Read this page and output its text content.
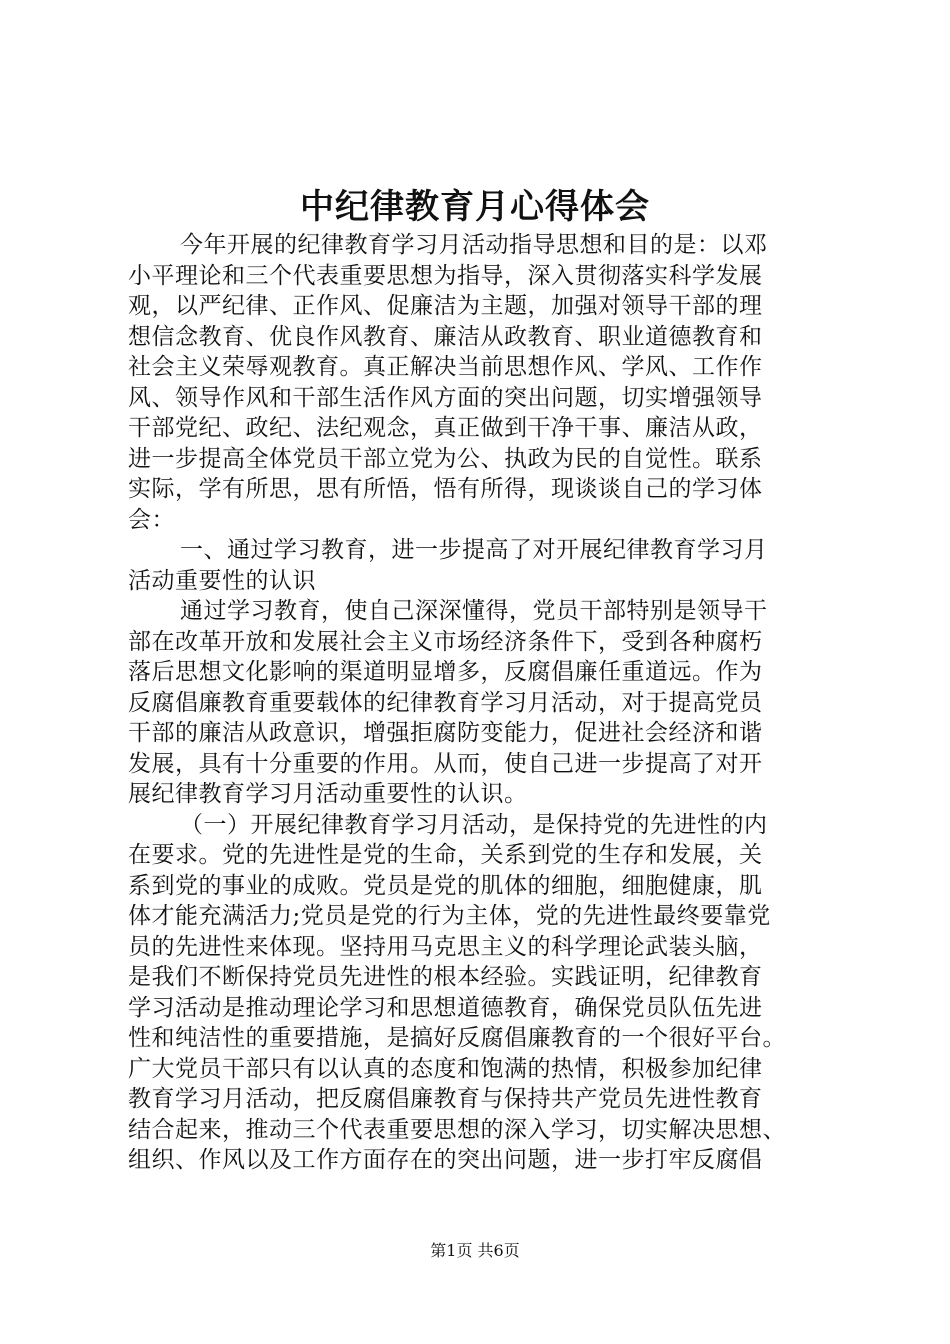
中纪律教育月心得体会
今年开展的纪律教育学习月活动指导思想和目的是：以邓
小平理论和三个代表重要思想为指导，深入贯彻落实科学发展
观，以严纪律、正作风、促廉洁为主题，加强对领导干部的理
想信念教育、优良作风教育、廉洁从政教育、职业道德教育和
社会主义荣辱观教育。真正解决当前思想作风、学风、工作作
风、领导作风和干部生活作风方面的突出问题，切实增强领导
干部党纪、政纪、法纪观念，真正做到干净干事、廉洁从政，
进一步提高全体党员干部立党为公、执政为民的自觉性。联系
实际，学有所思，思有所悟，悟有所得，现谈谈自己的学习体
会：
一、通过学习教育，进一步提高了对开展纪律教育学习月
活动重要性的认识
通过学习教育，使自己深深懂得，党员干部特别是领导干
部在改革开放和发展社会主义市场经济条件下，受到各种腐朽
落后思想文化影响的渠道明显增多，反腐倡廉任重道远。作为
反腐倡廉教育重要载体的纪律教育学习月活动，对于提高党员
干部的廉洁从政意识，增强拒腐防变能力，促进社会经济和谐
发展，具有十分重要的作用。从而，使自己进一步提高了对开
展纪律教育学习月活动重要性的认识。
（一）开展纪律教育学习月活动，是保持党的先进性的内
在要求。党的先进性是党的生命，关系到党的生存和发展，关
系到党的事业的成败。党员是党的肌体的细胞，细胞健康，肌
体才能充满活力;党员是党的行为主体，党的先进性最终要靠党
员的先进性来体现。坚持用马克思主义的科学理论武装头脑，
是我们不断保持党员先进性的根本经验。实践证明，纪律教育
学习活动是推动理论学习和思想道德教育，确保党员队伍先进
性和纯洁性的重要措施，是搞好反腐倡廉教育的一个很好平台。
广大党员干部只有以认真的态度和饱满的热情，积极参加纪律
教育学习月活动，把反腐倡廉教育与保持共产党员先进性教育
结合起来，推动三个代表重要思想的深入学习，切实解决思想、
组织、作风以及工作方面存在的突出问题，进一步打牢反腐倡
第1页 共6页
